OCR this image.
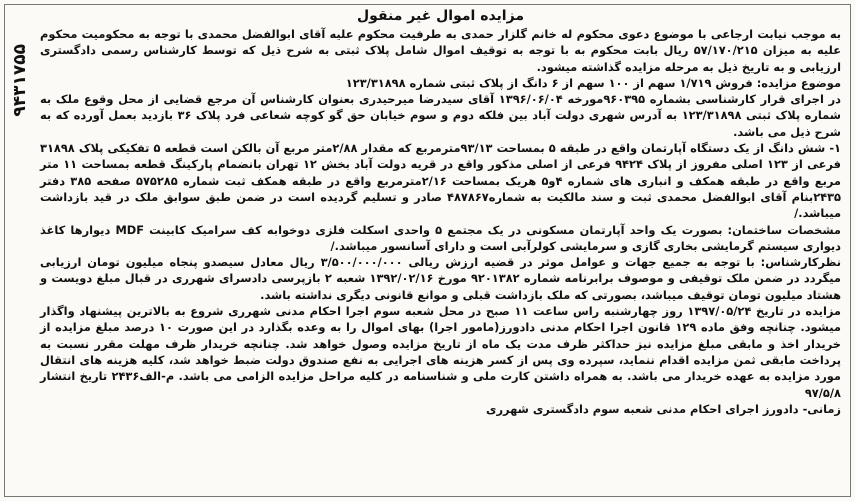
۹۴۳۱۷۵۵
مزایده اموال غیر منقول

به موجب نیابت ارجاعی با موضوع دعوی محکوم له خانم گلزار حمدی به طرفیت محکوم علیه آقای ابوالفضل محمدی با توجه به محکومیت محکوم علیه به میزان ۵۷/۱۷۰/۲۱۵ ریال بابت محکوم به با توجه به توقیف اموال شامل پلاک ثبتی به شرح ذیل که توسط کارشناس رسمی دادگستری ارزیابی و به تاریخ ذیل به مرحله مزایده گذاشته میشود.

موضوع مزایده: فروش ۱/۷۱۹ سهم از ۱۰۰ سهم از ۶ دانگ از پلاک ثبتی شماره ۱۲۳/۳۱۸۹۸

در اجرای قرار کارشناسی بشماره ۹۶۰۳۹۵مورخه ۱۳۹۶/۰۶/۰۴ آقای سیدرضا میرحیدری بعنوان کارشناس آن مرجع قضایی از محل وقوع ملک به شماره پلاک ثبتی ۱۲۳/۳۱۸۹۸ به آدرس شهری دولت آباد بین فلکه دوم و سوم خیابان حق گو کوچه شعاعی فرد پلاک ۳۶ بازدید بعمل آورده که به شرح ذیل می باشد.

۱- شش دانگ از یک دستگاه آپارتمان واقع در طبقه ۵ بمساحت ۹۳/۱۳مترمربع که مقدار ۲/۸۸متر مربع آن بالکن است قطعه ۵ تفکیکی پلاک ۳۱۸۹۸ فرعی از ۱۲۳ اصلی مفروز از پلاک ۹۴۲۴ فرعی از اصلی مذکور واقع در قریه دولت آباد بخش ۱۲ تهران بانضمام پارکینگ قطعه بمساحت ۱۱ متر مربع واقع در طبقه همکف و انباری های شماره ۴و۵ هریک بمساحت ۲/۱۶مترمربع واقع در طبقه همکف ثبت شماره ۵۷۵۲۸۵ صفحه ۳۸۵ دفتر ۲۴۳۵بنام آقای ابوالفضل محمدی ثبت و سند مالکیت به شماره۴۸۷۸۶۷ صادر و تسلیم گردیده است در ضمن طبق سوابق ملک در قید بازداشت میباشد./

مشخصات ساختمان: بصورت یک واحد آپارتمان مسکونی در یک مجتمع ۵ واحدی اسکلت فلزی دوخوابه کف سرامیک کابینت MDF دیوارها کاغذ دیواری سیستم گرمایشی بخاری گازی و سرمایشی کولرآبی است و دارای آسانسور میباشد./

نظرکارشناس: با توجه به جمیع جهات و عوامل موثر در قضیه ارزش ریالی ۳/۵۰۰/۰۰۰/۰۰۰ ریال معادل سیصدو پنجاه میلیون تومان ارزیابی میگردد در ضمن ملک توقیفی و موصوف برابرنامه شماره ۹۲۰۱۳۸۲ مورخ ۱۳۹۲/۰۲/۱۶ شعبه ۲ بازپرسی دادسرای شهرری در قبال مبلغ دویست و هشتاد میلیون تومان توقیف میباشد، بصورتی که ملک بازداشت قبلی و موانع قانونی دیگری نداشته باشد.

مزایده در تاریخ ۱۳۹۷/۰۵/۲۴ روز چهارشنبه راس ساعت ۱۱ صبح در محل شعبه سوم اجرا احکام مدنی شهرری شروع به بالاترین پیشنهاد واگذار میشود. چنانچه وفق ماده ۱۲۹ قانون اجرا احکام مدنی دادورز(مامور اجرا) بهای اموال را به وعده بگذارد در این صورت ۱۰ درصد مبلغ مزایده از خریدار اخذ و مابقی مبلغ مزایده نیز حداکثر ظرف مدت یک ماه از تاریخ مزایده وصول خواهد شد. چنانچه خریدار ظرف مهلت مقرر نسبت به پرداخت مابقی ثمن مزایده اقدام ننماید، سپرده وی پس از کسر هزینه های اجرایی به نفع صندوق دولت ضبط خواهد شد، کلیه هزینه های انتقال مورد مزایده به عهده خریدار می باشد. به همراه داشتن کارت ملی و شناسنامه در کلیه مراحل مزایده الزامی می باشد. م-الف۲۴۳۶ تاریخ انتشار ۹۷/۵/۸

زمانی- دادورز اجرای احکام مدنی شعبه سوم دادگستری شهرری
